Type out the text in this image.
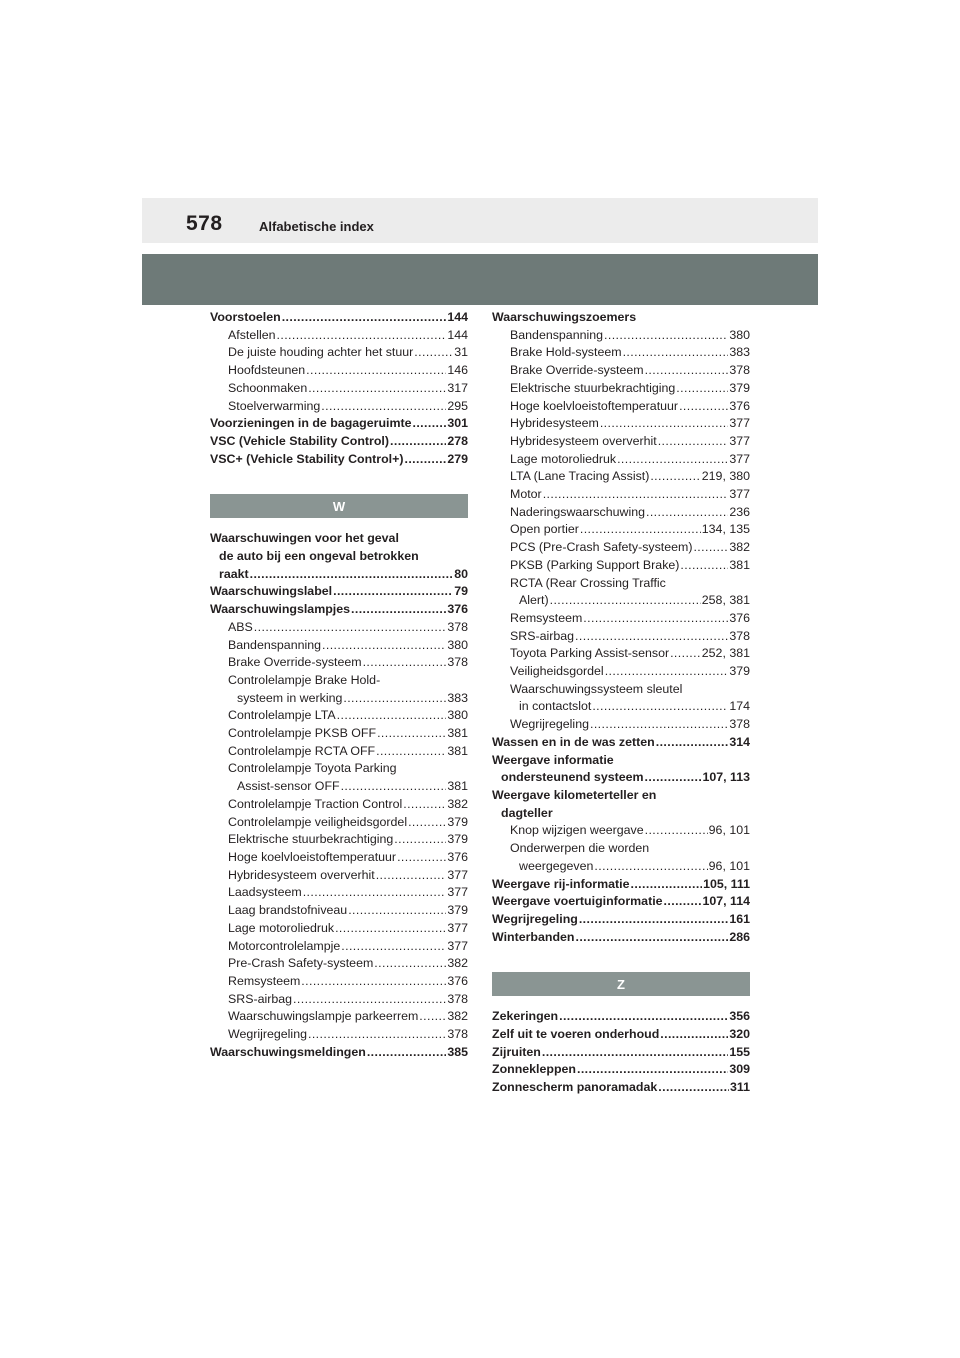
578	Alfabetische index
Voorstoelen .....	144
Afstellen .....	144
De juiste houding achter het stuur .....	31
Hoofdsteunen .....	146
Schoonmaken .....	317
Stoelverwarming .....	295
Voorzieningen in de bagageruimte .....	301
VSC (Vehicle Stability Control) .....	278
VSC+ (Vehicle Stability Control+) .....	279
W
Waarschuwingen voor het geval
de auto bij een ongeval betrokken
raakt .....	80
Waarschuwingslabel .....	79
Waarschuwingslampjes .....	376
ABS .....	378
Bandenspanning .....	380
Brake Override-systeem .....	378
Controlelampje Brake Hold-
systeem in werking .....	383
Controlelampje LTA .....	380
Controlelampje PKSB OFF .....	381
Controlelampje RCTA OFF .....	381
Controlelampje Toyota Parking
Assist-sensor OFF .....	381
Controlelampje Traction Control .....	382
Controlelampje veiligheidsgordel .....	379
Elektrische stuurbekrachtiging .....	379
Hoge koelvloeistoftemperatuur .....	376
Hybridesysteem oververhit .....	377
Laadsysteem .....	377
Laag brandstofniveau .....	379
Lage motoroliedruk .....	377
Motorcontrolelampje .....	377
Pre-Crash Safety-systeem .....	382
Remsysteem .....	376
SRS-airbag .....	378
Waarschuwingslampje parkeerrem ..... 382
Wegrijregeling .....	378
Waarschuwingsmeldingen .....	385
Waarschuwingszoemers
Bandenspanning .....	380
Brake Hold-systeem .....	383
Brake Override-systeem .....	378
Elektrische stuurbekrachtiging .....	379
Hoge koelvloeistoftemperatuur .....	376
Hybridesysteem .....	377
Hybridesysteem oververhit .....	377
Lage motoroliedruk .....	377
LTA (Lane Tracing Assist) .....	219, 380
Motor .....	377
Naderingswaarschuwing .....	236
Open portier .....	134, 135
PCS (Pre-Crash Safety-systeem) .....	382
PKSB (Parking Support Brake) .....	381
RCTA (Rear Crossing Traffic
Alert) .....	258, 381
Remsysteem .....	376
SRS-airbag .....	378
Toyota Parking Assist-sensor .....	252, 381
Veiligheidsgordel .....	379
Waarschuwingssysteem sleutel
in contactslot .....	174
Wegrijregeling .....	378
Wassen en in de was zetten .....	314
Weergave informatie
ondersteunend systeem .....	107, 113
Weergave kilometerteller en
dagteller
Knop wijzigen weergave .....	96, 101
Onderwerpen die worden
weergegeven .....	96, 101
Weergave rij-informatie .....	105, 111
Weergave voertuiginformatie .....	107, 114
Wegrijregeling .....	161
Winterbanden .....	286
Z
Zekeringen .....	356
Zelf uit te voeren onderhoud .....	320
Zijruiten .....	155
Zonnekleppen .....	309
Zonnescherm panoramadak .....	311
